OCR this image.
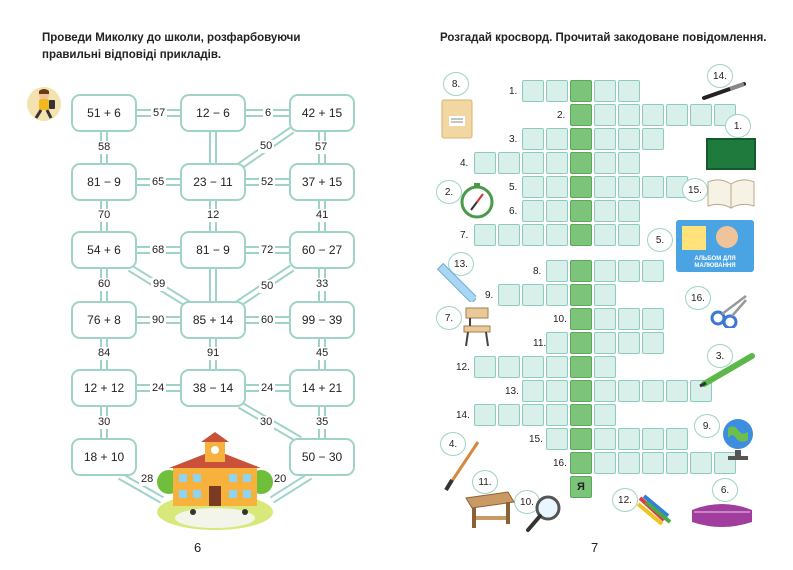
Проведи Миколку до школи, розфарбовуючи правильні відповіді прикладів.
51 + 6	12 − 6	42 + 15
81 − 9	23 − 11	37 + 15
54 + 6	81 − 9	60 − 27
76 + 8	85 + 14	99 − 39
12 + 12	38 − 14	14 + 21
18 + 10	50 − 30
57	6
50
58	57
65	52
70	12	41
68	72
99	50
60	33
90	60
84	91	45
24	24
30	30	35
28	20
6
Розгадай кросворд. Прочитай закодоване повідомлення.
1.
2.
3.
4.
5.
6.
7.
8.
9.
10.
11.
12.
13.
14.
15.
16.
Я
8.
14.
1.
2.	15.
5.
13.
16.
7.
3.
4.
9.
11.
10.	12.
6.
АЛЬБОМ ДЛЯ МАЛЮВАННЯ
7
